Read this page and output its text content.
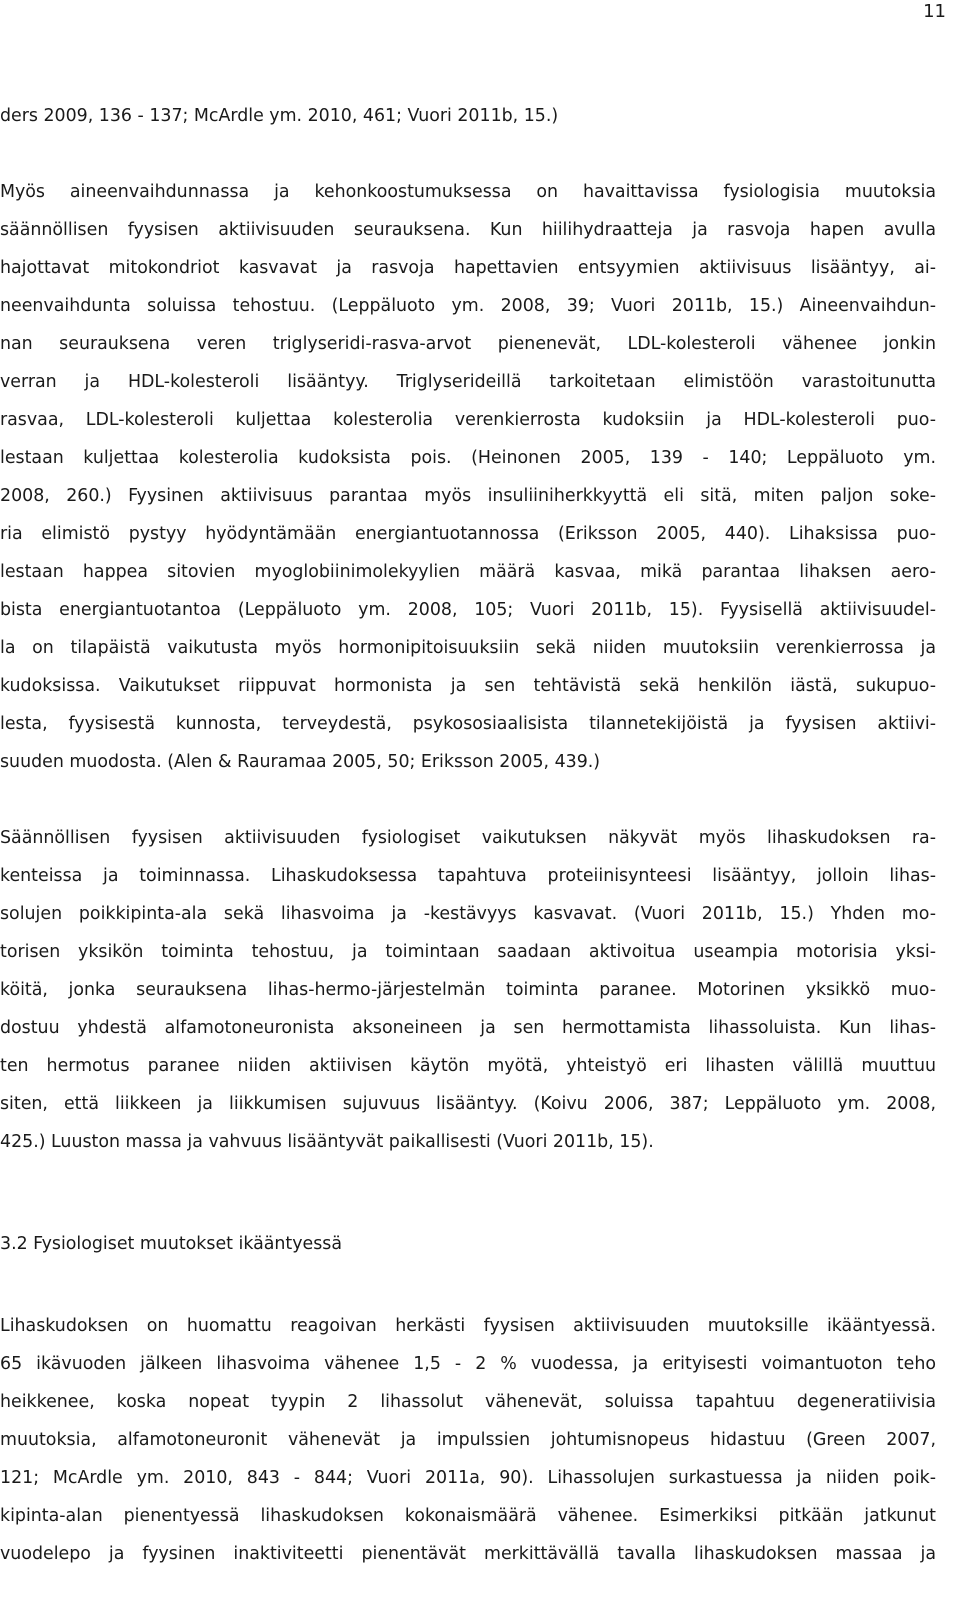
11
ders 2009, 136 - 137; McArdle ym. 2010, 461; Vuori 2011b, 15.)
Myös aineenvaihdunnassa ja kehonkoostumuksessa on havaittavissa fysiologisia muutoksia
säännöllisen fyysisen aktiivisuuden seurauksena. Kun hiilihydraatteja ja rasvoja hapen avulla
hajottavat mitokondriot kasvavat ja rasvoja hapettavien entsyymien aktiivisuus lisääntyy, ai-
neenvaihdunta soluissa tehostuu. (Leppäluoto ym. 2008, 39; Vuori 2011b, 15.) Aineenvaihdun-
nan seurauksena veren triglyseridi-rasva-arvot pienenevät, LDL-kolesteroli vähenee jonkin
verran ja HDL-kolesteroli lisääntyy. Triglyserideillä tarkoitetaan elimistöön varastoitunutta
rasvaa, LDL-kolesteroli kuljettaa kolesterolia verenkierrosta kudoksiin ja HDL-kolesteroli puo-
lestaan kuljettaa kolesterolia kudoksista pois. (Heinonen 2005, 139 - 140; Leppäluoto ym.
2008, 260.) Fyysinen aktiivisuus parantaa myös insuliiniherkkyyttä eli sitä, miten paljon soke-
ria elimistö pystyy hyödyntämään energiantuotannossa (Eriksson 2005, 440). Lihaksissa puo-
lestaan happea sitovien myoglobiinimolekyylien määrä kasvaa, mikä parantaa lihaksen aero-
bista energiantuotantoa (Leppäluoto ym. 2008, 105; Vuori 2011b, 15). Fyysisellä aktiivisuudel-
la on tilapäistä vaikutusta myös hormonipitoisuuksiin sekä niiden muutoksiin verenkierrossa ja
kudoksissa. Vaikutukset riippuvat hormonista ja sen tehtävistä sekä henkilön iästä, sukupuo-
lesta, fyysisestä kunnosta, terveydestä, psykososiaalisista tilannetekijöistä ja fyysisen aktiivi-
suuden muodosta. (Alen & Rauramaa 2005, 50; Eriksson 2005, 439.)
Säännöllisen fyysisen aktiivisuuden fysiologiset vaikutuksen näkyvät myös lihaskudoksen ra-
kenteissa ja toiminnassa. Lihaskudoksessa tapahtuva proteiinisynteesi lisääntyy, jolloin lihas-
solujen poikkipinta-ala sekä lihasvoima ja -kestävyys kasvavat. (Vuori 2011b, 15.) Yhden mo-
torisen yksikön toiminta tehostuu, ja toimintaan saadaan aktivoitua useampia motorisia yksi-
köitä, jonka seurauksena lihas-hermo-järjestelmän toiminta paranee. Motorinen yksikkö muo-
dostuu yhdestä alfamotoneuronista aksoneineen ja sen hermottamista lihassoluista. Kun lihas-
ten hermotus paranee niiden aktiivisen käytön myötä, yhteistyö eri lihasten välillä muuttuu
siten, että liikkeen ja liikkumisen sujuvuus lisääntyy. (Koivu 2006, 387; Leppäluoto ym. 2008,
425.) Luuston massa ja vahvuus lisääntyvät paikallisesti (Vuori 2011b, 15).
3.2 Fysiologiset muutokset ikääntyessä
Lihaskudoksen on huomattu reagoivan herkästi fyysisen aktiivisuuden muutoksille ikääntyessä.
65 ikävuoden jälkeen lihasvoima vähenee 1,5 - 2 % vuodessa, ja erityisesti voimantuoton teho
heikkenee, koska nopeat tyypin 2 lihassolut vähenevät, soluissa tapahtuu degeneratiivisia
muutoksia, alfamotoneuronit vähenevät ja impulssien johtumisnopeus hidastuu (Green 2007,
121; McArdle ym. 2010, 843 - 844; Vuori 2011a, 90). Lihassolujen surkastuessa ja niiden poik-
kipinta-alan pienentyessä lihaskudoksen kokonaismäärä vähenee. Esimerkiksi pitkään jatkunut
vuodelepo ja fyysinen inaktiviteetti pienentävät merkittävällä tavalla lihaskudoksen massaa ja
